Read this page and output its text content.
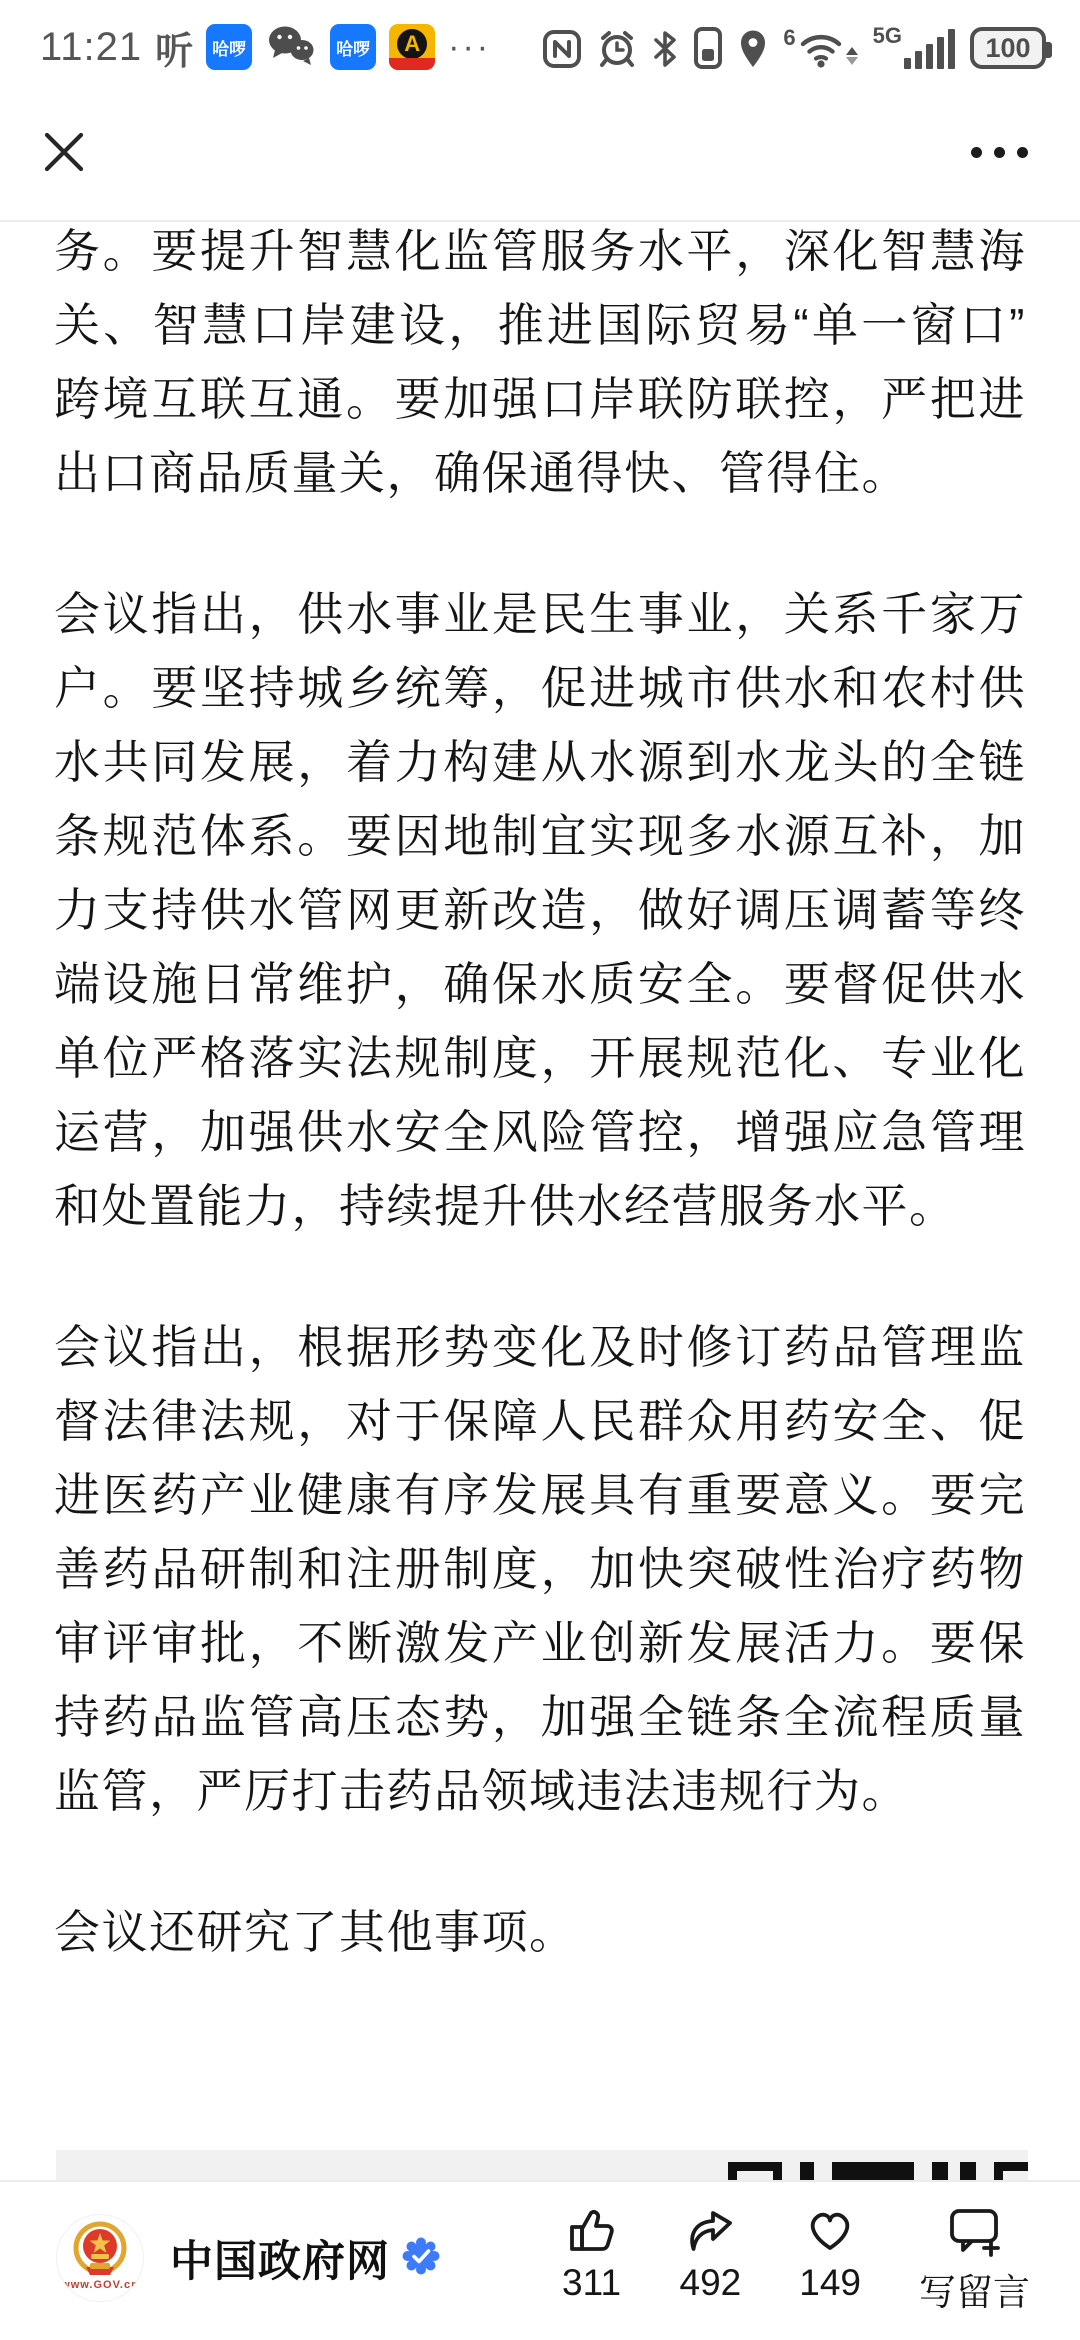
11:21 听	哈啰	哈啰	A ···	6	5G	100

务。要提升智慧化监管服务水平，深化智慧海关、智慧口岸建设，推进国际贸易“单一窗口”跨境互联互通。要加强口岸联防联控，严把进出口商品质量关，确保通得快、管得住。

会议指出，供水事业是民生事业，关系千家万户。要坚持城乡统筹，促进城市供水和农村供水共同发展，着力构建从水源到水龙头的全链条规范体系。要因地制宜实现多水源互补，加力支持供水管网更新改造，做好调压调蓄等终端设施日常维护，确保水质安全。要督促供水单位严格落实法规制度，开展规范化、专业化运营，加强供水安全风险管控，增强应急管理和处置能力，持续提升供水经营服务水平。

会议指出，根据形势变化及时修订药品管理监督法律法规，对于保障人民群众用药安全、促进医药产业健康有序发展具有重要意义。要完善药品研制和注册制度，加快突破性治疗药物审评审批，不断激发产业创新发展活力。要保持药品监管高压态势，加强全链条全流程质量监管，严厉打击药品领域违法违规行为。

会议还研究了其他事项。

www.GOV.cn 中国政府网	311 492 149 写留言
